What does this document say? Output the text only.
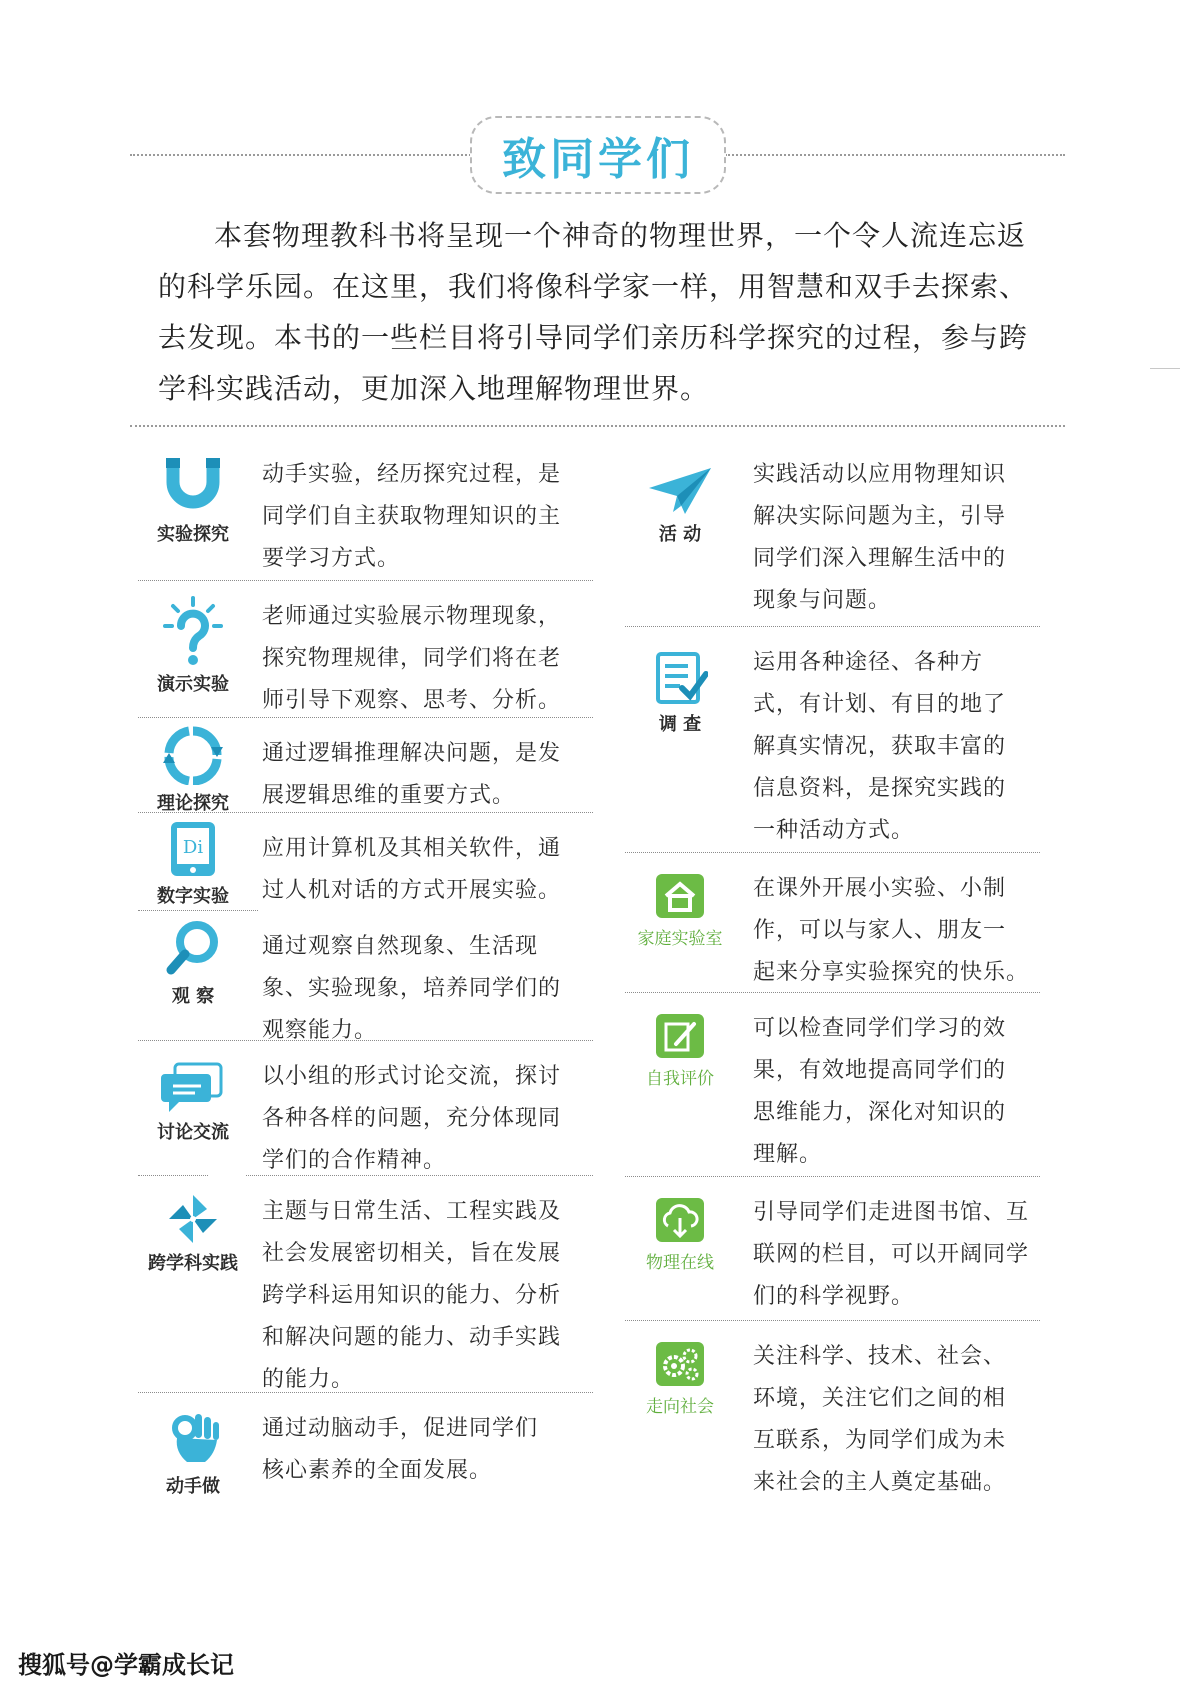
致同学们
本套物理教科书将呈现一个神奇的物理世界，一个令人流连忘返
的科学乐园。在这里，我们将像科学家一样，用智慧和双手去探索、
去发现。本书的一些栏目将引导同学们亲历科学探究的过程，参与跨
学科实践活动，更加深入地理解物理世界。
实验探究
动手实验，经历探究过程，是
同学们自主获取物理知识的主
要学习方式。
演示实验
老师通过实验展示物理现象，
探究物理规律，同学们将在老
师引导下观察、思考、分析。
理论探究
通过逻辑推理解决问题，是发
展逻辑思维的重要方式。
Di
数字实验
应用计算机及其相关软件，通
过人机对话的方式开展实验。
观 察
通过观察自然现象、生活现
象、实验现象，培养同学们的
观察能力。
讨论交流
以小组的形式讨论交流，探讨
各种各样的问题，充分体现同
学们的合作精神。
跨学科实践
主题与日常生活、工程实践及
社会发展密切相关，旨在发展
跨学科运用知识的能力、分析
和解决问题的能力、动手实践
的能力。
动手做
通过动脑动手，促进同学们
核心素养的全面发展。
活 动
实践活动以应用物理知识
解决实际问题为主，引导
同学们深入理解生活中的
现象与问题。
调 查
运用各种途径、各种方
式，有计划、有目的地了
解真实情况，获取丰富的
信息资料，是探究实践的
一种活动方式。
家庭实验室
在课外开展小实验、小制
作，可以与家人、朋友一
起来分享实验探究的快乐。
自我评价
可以检查同学们学习的效
果，有效地提高同学们的
思维能力，深化对知识的
理解。
物理在线
引导同学们走进图书馆、互
联网的栏目，可以开阔同学
们的科学视野。
走向社会
关注科学、技术、社会、
环境，关注它们之间的相
互联系，为同学们成为未
来社会的主人奠定基础。
搜狐号@学霸成长记
